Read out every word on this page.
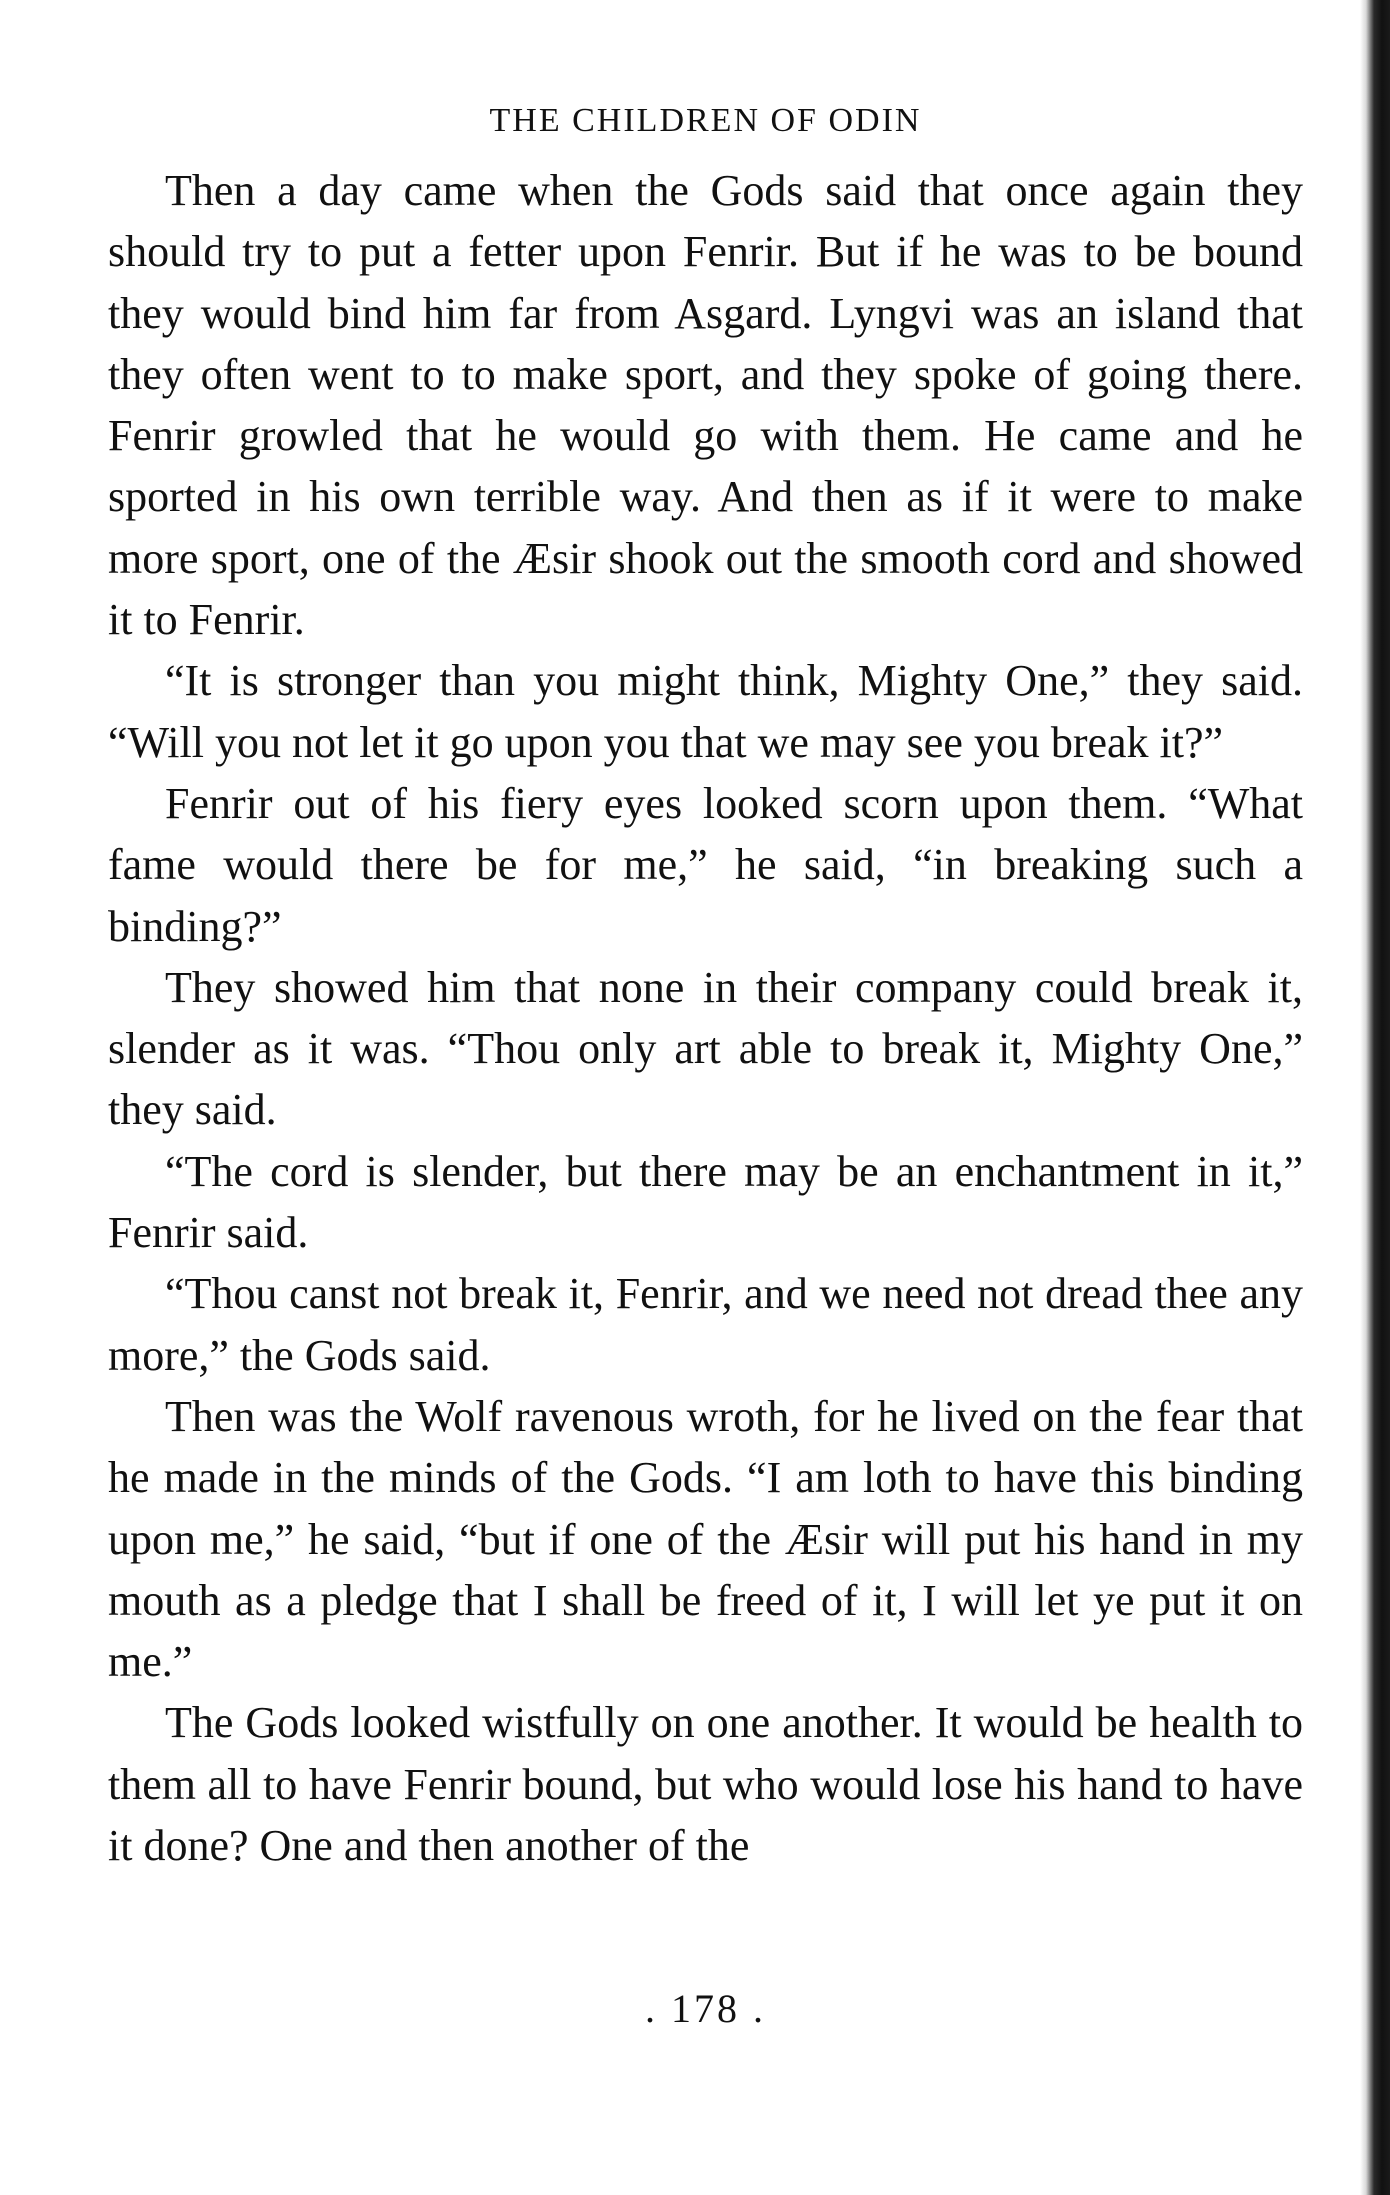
THE CHILDREN OF ODIN

Then a day came when the Gods said that once again they should try to put a fetter upon Fenrir. But if he was to be bound they would bind him far from Asgard. Lyngvi was an island that they often went to to make sport, and they spoke of going there. Fenrir growled that he would go with them. He came and he sported in his own terrible way. And then as if it were to make more sport, one of the Æsir shook out the smooth cord and showed it to Fenrir.

“It is stronger than you might think, Mighty One,” they said. “Will you not let it go upon you that we may see you break it?”

Fenrir out of his fiery eyes looked scorn upon them. “What fame would there be for me,” he said, “in breaking such a binding?”

They showed him that none in their company could break it, slender as it was. “Thou only art able to break it, Mighty One,” they said.

“The cord is slender, but there may be an enchantment in it,” Fenrir said.

“Thou canst not break it, Fenrir, and we need not dread thee any more,” the Gods said.

Then was the Wolf ravenous wroth, for he lived on the fear that he made in the minds of the Gods. “I am loth to have this binding upon me,” he said, “but if one of the Æsir will put his hand in my mouth as a pledge that I shall be freed of it, I will let ye put it on me.”

The Gods looked wistfully on one another. It would be health to them all to have Fenrir bound, but who would lose his hand to have it done? One and then another of the

. 178 .
